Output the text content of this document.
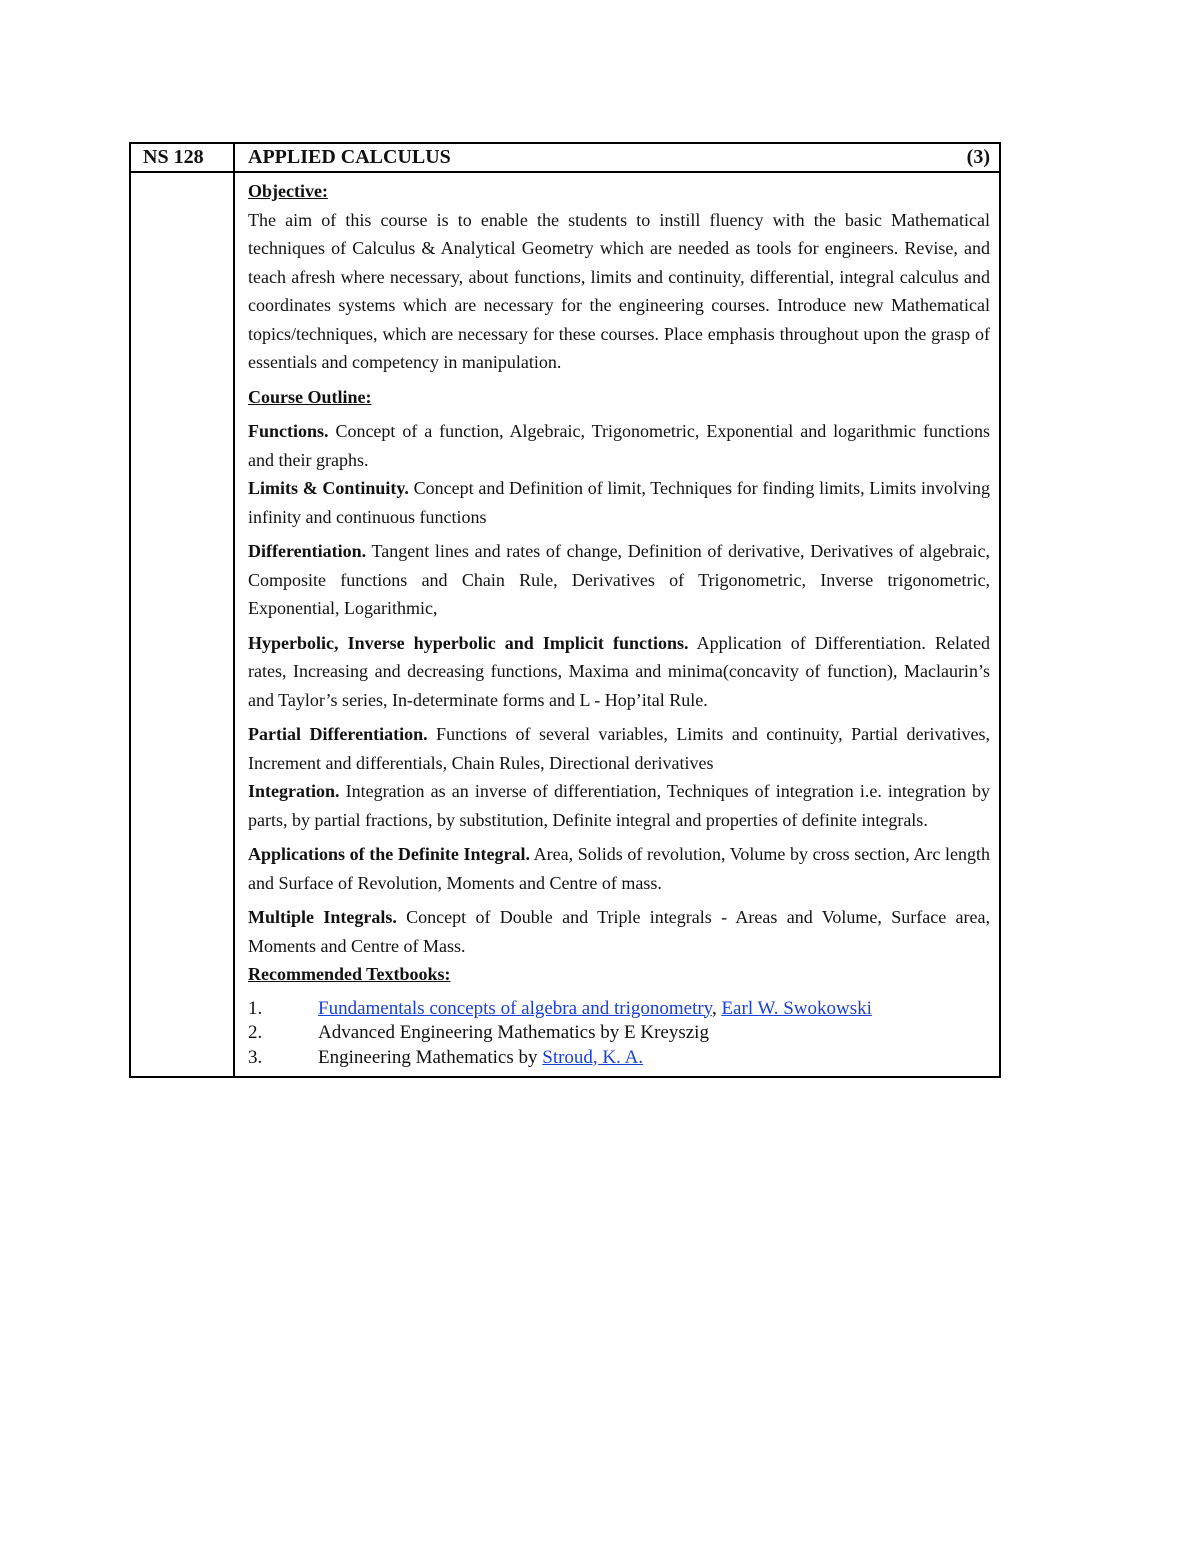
NS 128	APPLIED CALCULUS	(3)
Objective:

The aim of this course is to enable the students to instill fluency with the basic Mathematical techniques of Calculus & Analytical Geometry which are needed as tools for engineers. Revise, and teach afresh where necessary, about functions, limits and continuity, differential, integral calculus and coordinates systems which are necessary for the engineering courses. Introduce new Mathematical topics/techniques, which are necessary for these courses. Place emphasis throughout upon the grasp of essentials and competency in manipulation.

Course Outline:

Functions. Concept of a function, Algebraic, Trigonometric, Exponential and logarithmic functions and their graphs.

Limits & Continuity. Concept and Definition of limit, Techniques for finding limits, Limits involving infinity and continuous functions

Differentiation. Tangent lines and rates of change, Definition of derivative, Derivatives of algebraic, Composite functions and Chain Rule, Derivatives of Trigonometric, Inverse trigonometric, Exponential, Logarithmic,

Hyperbolic, Inverse hyperbolic and Implicit functions. Application of Differentiation. Related rates, Increasing and decreasing functions, Maxima and minima(concavity of function), Maclaurin’s and Taylor’s series, In-determinate forms and L - Hop’ital Rule.

Partial Differentiation. Functions of several variables, Limits and continuity, Partial derivatives, Increment and differentials, Chain Rules, Directional derivatives

Integration. Integration as an inverse of differentiation, Techniques of integration i.e. integration by parts, by partial fractions, by substitution, Definite integral and properties of definite integrals.

Applications of the Definite Integral. Area, Solids of revolution, Volume by cross section, Arc length and Surface of Revolution, Moments and Centre of mass.

Multiple Integrals. Concept of Double and Triple integrals - Areas and Volume, Surface area, Moments and Centre of Mass.

Recommended Textbooks:
1.	Fundamentals concepts of algebra and trigonometry, Earl W. Swokowski
2.	Advanced Engineering Mathematics by E Kreyszig
3.	Engineering Mathematics by Stroud, K. A.
